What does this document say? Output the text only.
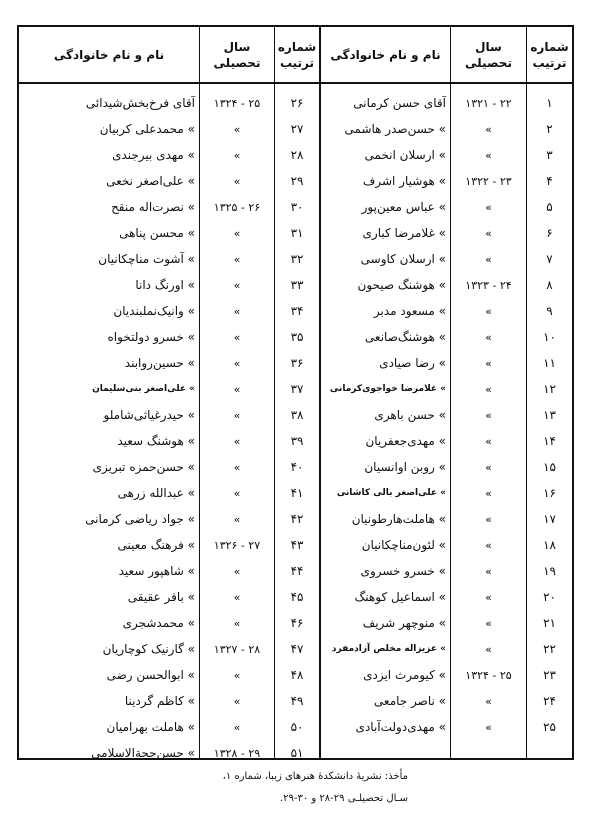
شماره ترتیب
سال تحصیلی
نام و نام خانوادگی
شماره ترتیب
سال تحصیلی
نام و نام خانوادگی
۱
۲
۳
۴
۵
۶
۷
۸
۹
۱۰
۱۱
۱۲
۱۳
۱۴
۱۵
۱۶
۱۷
۱۸
۱۹
۲۰
۲۱
۲۲
۲۳
۲۴
۲۵
۲۲ - ۱۳۲۱
»
»
۲۳ - ۱۳۲۲
»
»
»
۲۴ - ۱۳۲۳
»
»
»
»
»
»
»
»
»
»
»
»
»
»
۲۵ - ۱۳۲۴
»
»
آقای حسن کرمانی
» حسن‌صدر هاشمی
» ارسلان انخمی
» هوشیار اشرف
» عباس معین‌پور
» غلامرضا کباری
» ارسلان کاوسی
» هوشنگ صیحون
» مسعود مدبر
» هوشنگ‌صانعی
» رضا صیادی
» غلامرضا خواجوی‌کرمانی
» حسن باهری
» مهدی‌جعفریان
» روبن اوانسیان
» علی‌اصغر‌ بالی‌ کاشانی
» هاملت‌هارطونیان
» لئون‌مناچکانیان
» خسرو خسروی
» اسماعیل کوهنگ
» منوچهر شریف
» عزیزاله مخلص آزادمفرد
» کیومرث ایزدی
» ناصر جامعی
» مهدی‌دولت‌آبادی
۲۶
۲۷
۲۸
۲۹
۳۰
۳۱
۳۲
۳۳
۳۴
۳۵
۳۶
۳۷
۳۸
۳۹
۴۰
۴۱
۴۲
۴۳
۴۴
۴۵
۴۶
۴۷
۴۸
۴۹
۵۰
۵۱
۲۵ - ۱۳۲۴
»
»
»
۲۶ - ۱۳۲۵
»
»
»
»
»
»
»
»
»
»
»
»
۲۷ - ۱۳۲۶
»
»
»
۲۸ - ۱۳۲۷
»
»
»
۲۹ - ۱۳۲۸
آقای فرخ‌بخش‌شیدائی
» محمدعلی کربیان
» مهدی بیرجندی
» علی‌اصغر نخعی
» نصرت‌اله منقح
» محسن پناهی
» آشوت مناچکانیان
» اورنگ دانا
» وانیک‌نملبندیان
» خسرو دولتخواه
» حسین‌روابند
» علی‌اصغر بنی‌سلیمان
» حیدرغیاثی‌شاملو
» هوشنگ سعید
» حسن‌حمزه تبریزی
» عبدالله زرهی
» جواد ریاضی کرمانی
» فرهنگ معینی
» شاهپور سعید
» باقر عقیقی
» محمدشجری
» گارنیک کوچاریان
» ابوالحسن رضی
» کاظم گردینا
» هاملت بهرامیان
» حسن‌حجةالاسلامی
مأخذ: نشریهٔ دانشکدهٔ هنرهای زیبا، شماره ۱،
سـال تحصیلـی ۲۹-۲۸ و ۳۰-۲۹.
